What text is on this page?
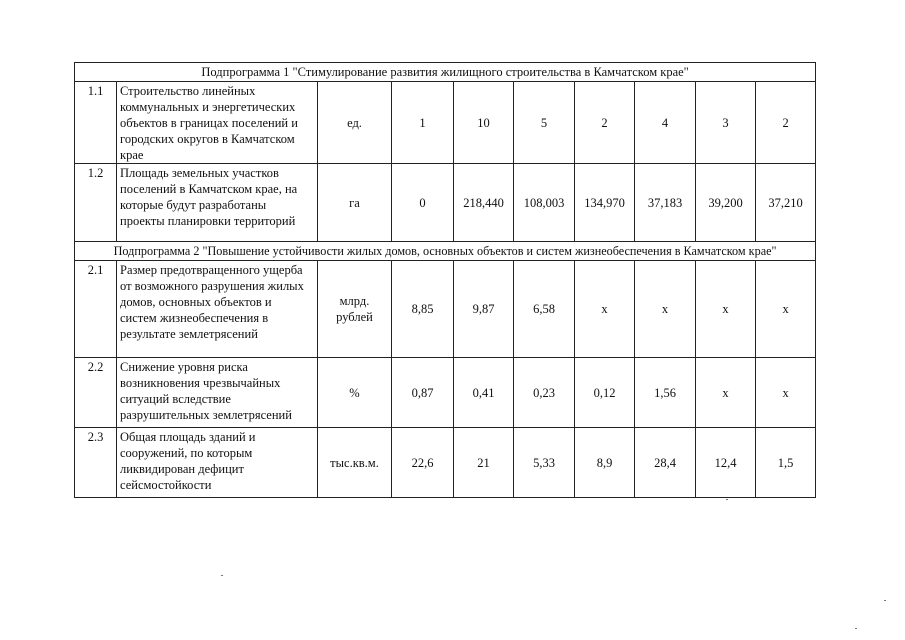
Подпрограмма 1 "Стимулирование развития жилищного строительства в Камчатском крае"									
1.1	Строительство линейных
коммунальных и энергетических
объектов в границах поселений и
городских округов в Камчатском
крае	ед.	1	10	5	2	4	3	2
1.2	Площадь земельных участков
поселений в Камчатском крае, на
которые будут разработаны
проекты планировки территорий	га	0	218,440	108,003	134,970	37,183	39,200	37,210
Подпрограмма 2 "Повышение устойчивости жилых домов, основных объектов и систем жизнеобеспечения в Камчатском крае"									
2.1	Размер предотвращенного ущерба
от возможного разрушения жилых
домов, основных объектов и
систем жизнеобеспечения в
результате землетрясений	млрд.
рублей	8,85	9,87	6,58	х	х	х	х
2.2	Снижение уровня риска
возникновения чрезвычайных
ситуаций вследствие
разрушительных землетрясений	%	0,87	0,41	0,23	0,12	1,56	х	х
2.3	Общая площадь зданий и
сооружений, по которым
ликвидирован дефицит
сейсмостойкости	тыс.кв.м.	22,6	21	5,33	8,9	28,4	12,4	1,5
